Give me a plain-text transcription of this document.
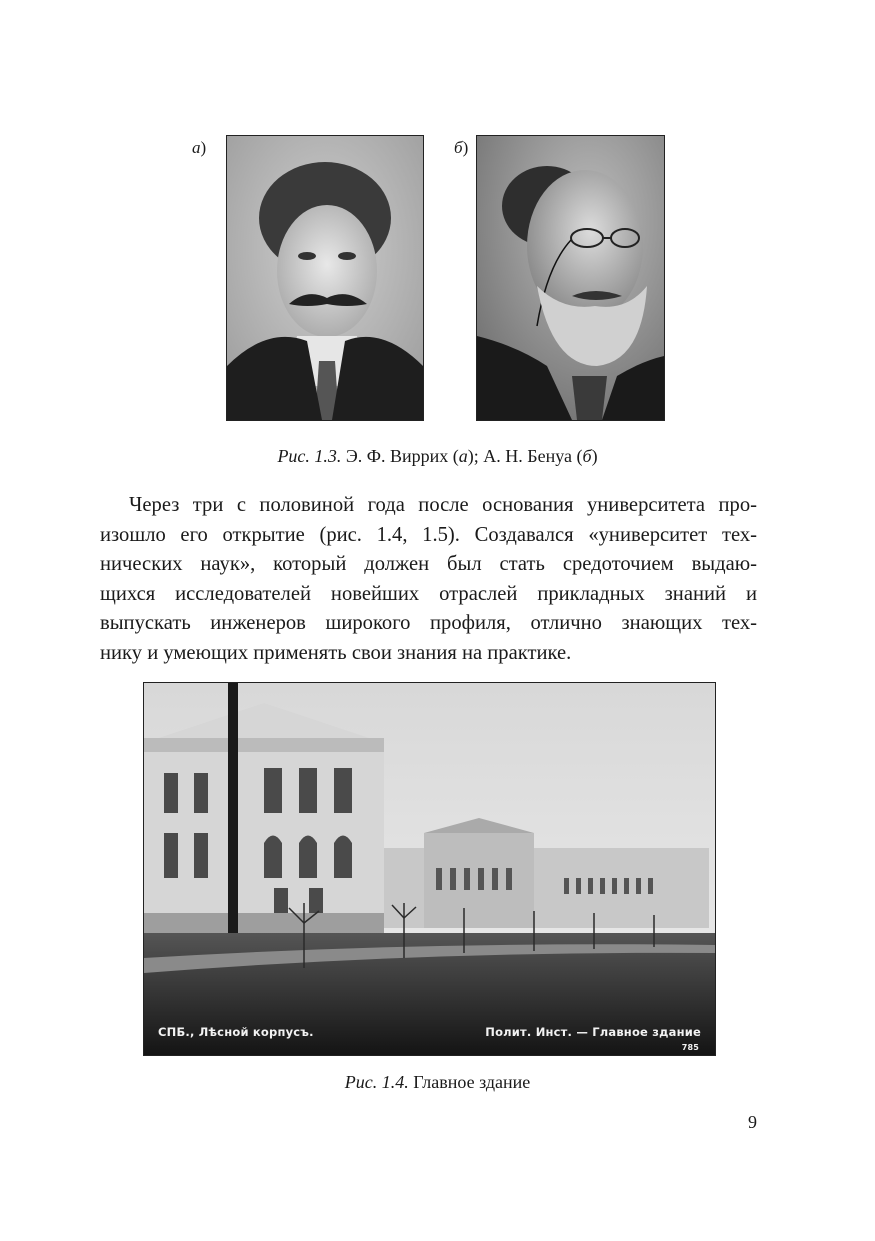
а)	б)
Рис. 1.3. Э. Ф. Виррих (а); А. Н. Бенуа (б)
Через три с половиной года после основания университета про-
изошло его открытие (рис. 1.4, 1.5). Создавался «университет тех-
нических наук», который должен был стать средоточием выдаю-
щихся исследователей новейших отраслей прикладных знаний и
выпускать инженеров широкого профиля, отлично знающих тех-
нику и умеющих применять свои знания на практике.
СПБ., Лѣсной корпусъ.	Полит. Инст. — Главное здание
785
Рис. 1.4. Главное здание
9
